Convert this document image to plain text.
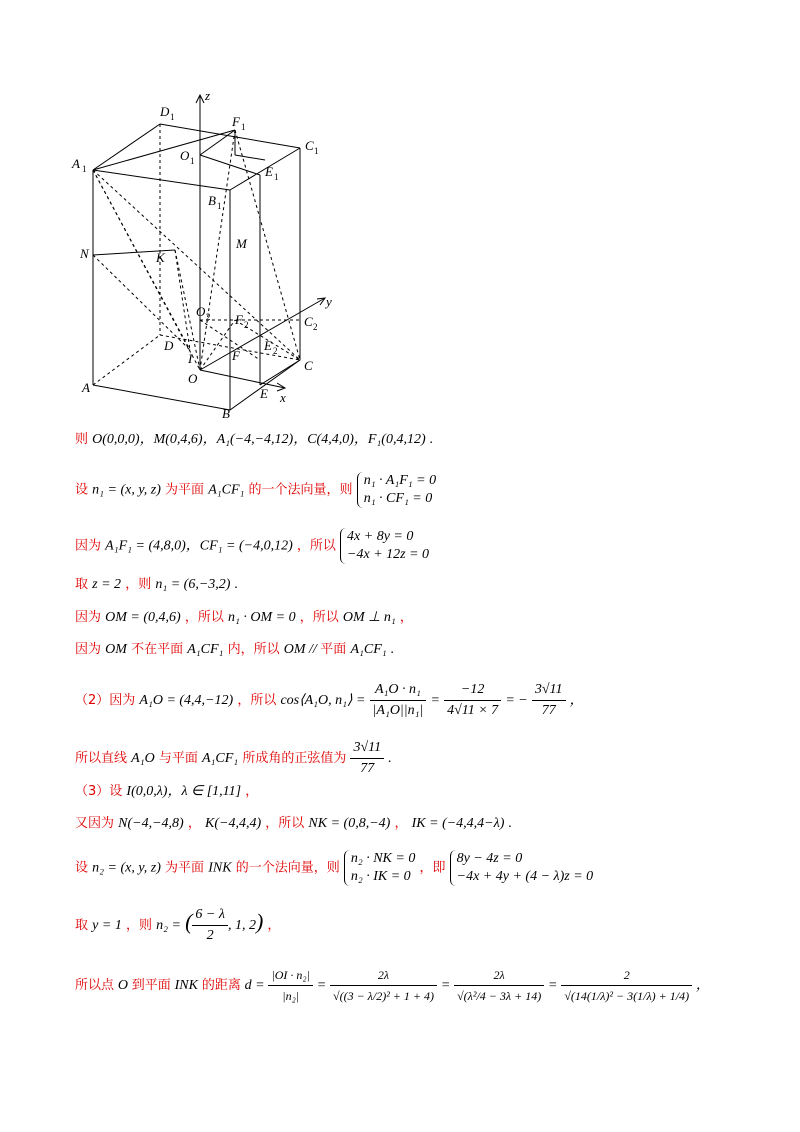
z
y
x
D 1	F 1
C 1
A 1
O 1
E 1
B 1
N	K
M
O 2 F 2	C 2
D
I	F
E 2
C
O
A	E
B
则 O(0,0,0)，M(0,4,6)，A₁(−4,−4,12)，C(4,4,0)，F₁(0,4,12) .
设 n₁ = (x, y, z) 为平面 A₁CF₁ 的一个法向量，则 n₁ · A₁F₁ = 0
n₁ · CF₁ = 0
因为 A₁F₁ = (4,8,0)，CF₁ = (−4,0,12) ，所以 4x + 8y = 0
−4x + 12z = 0
取 z = 2 ，则 n₁ = (6,−3,2) .
因为 OM = (0,4,6) ，所以 n₁ · OM = 0 ，所以 OM ⊥ n₁ ，
因为 OM 不在平面 A₁CF₁ 内，所以 OM // 平面 A₁CF₁ .
（2）因为 A₁O = (4,4,−12) ，所以 cos⟨A₁O, n₁⟩ = $\frac{\text{A₁O · n₁}}{\text{|A₁O||n₁|}} = \frac{-12}{4√11 \times 7}$ = − $\frac{3√11}{77}$ ，
所以直线 A₁O 与平面 A₁CF₁ 所成角的正弦值为 $\frac{3√11}{77}$ .
（3）设 I(0,0,λ)，λ ∈ [1,11] ，
又因为 N(−4,−4,8) ， K(−4,4,4) ，所以 NK = (0,8,−4) ， IK = (−4,4,4−λ) .
设 n₂ = (x, y, z) 为平面 INK 的一个法向量，则 n₂ · NK = 0
n₂ · IK = 0 ，即 8y − 4z = 0
−4x + 4y + (4 − λ)z = 0
取 y = 1 ，则 n₂ = ( $\frac{6 - \lambda}{2}$ , 1, 2) ，
所以点 O 到平面 INK 的距离 $d = \frac{\text{|OI · n₂|}}{\text{|n₂|}} = \frac{2\lambda}{\text{√((3 − λ/2)² + 1 + 4)}} = \frac{2\lambda}{\text{√(λ²/4 − 3λ + 14)}} = \frac{2}{\text{√(14(1/λ)² − 3(1/λ) + 1/4)}}$ ，
